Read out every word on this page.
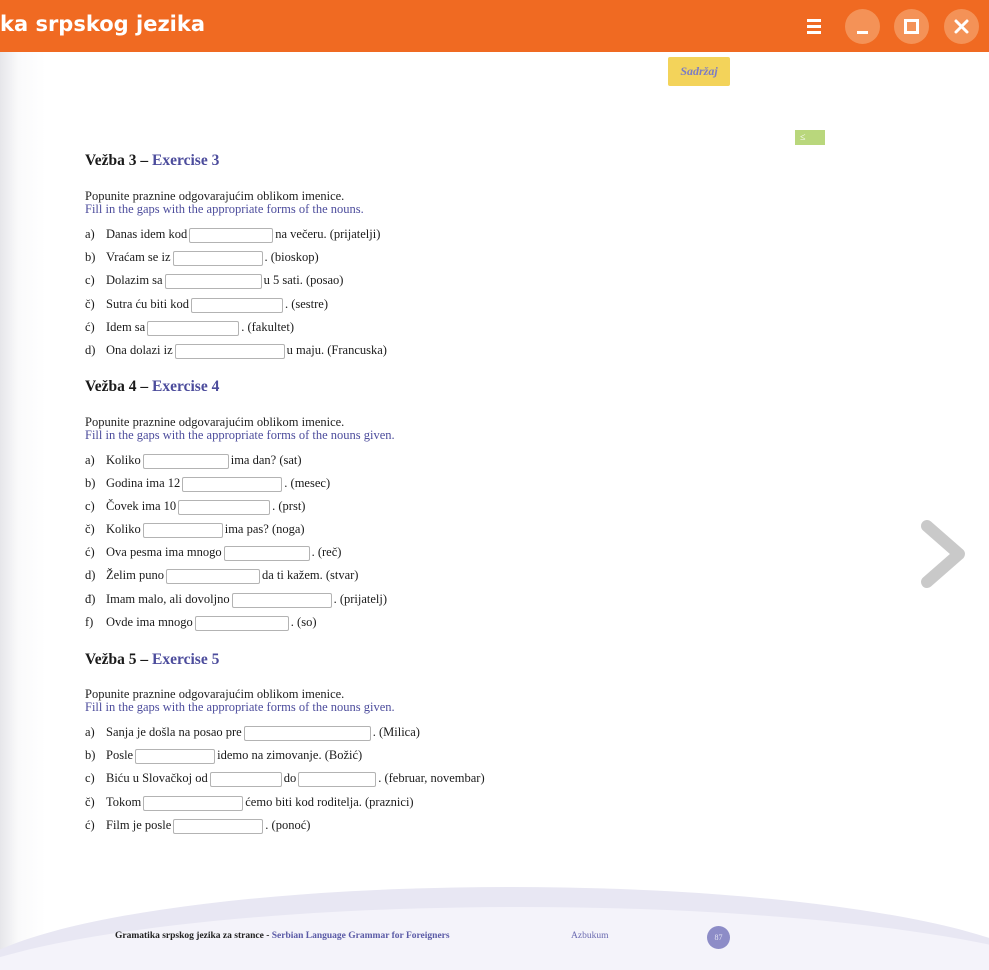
ka srpskog jezika
Sadržaj
≤
Vežba 3 – Exercise 3
Popunite praznine odgovarajućim oblikom imenice.
Fill in the gaps with the appropriate forms of the nouns.
a) Danas idem kod	na večeru. (prijatelji)
b) Vraćam se iz	. (bioskop)
c) Dolazim sa	u 5 sati. (posao)
č) Sutra ću biti kod	. (sestre)
ć) Idem sa	. (fakultet)
d) Ona dolazi iz	u maju. (Francuska)
Vežba 4 – Exercise 4
Popunite praznine odgovarajućim oblikom imenice.
Fill in the gaps with the appropriate forms of the nouns given.
a) Koliko	ima dan? (sat)
b) Godina ima 12	. (mesec)
c) Čovek ima 10	. (prst)
č) Koliko	ima pas? (noga)
ć) Ova pesma ima mnogo	. (reč)
d) Želim puno	da ti kažem. (stvar)
đ) Imam malo, ali dovoljno	. (prijatelj)
f) Ovde ima mnogo	. (so)
Vežba 5 – Exercise 5
Popunite praznine odgovarajućim oblikom imenice.
Fill in the gaps with the appropriate forms of the nouns given.
a) Sanja je došla na posao pre	. (Milica)
b) Posle	idemo na zimovanje. (Božić)
c) Biću u Slovačkoj od	do	. (februar, novembar)
č) Tokom	ćemo biti kod roditelja. (praznici)
ć) Film je posle	. (ponoć)
Gramatika srpskog jezika za strance - Serbian Language Grammar for Foreigners	Azbukum	87
